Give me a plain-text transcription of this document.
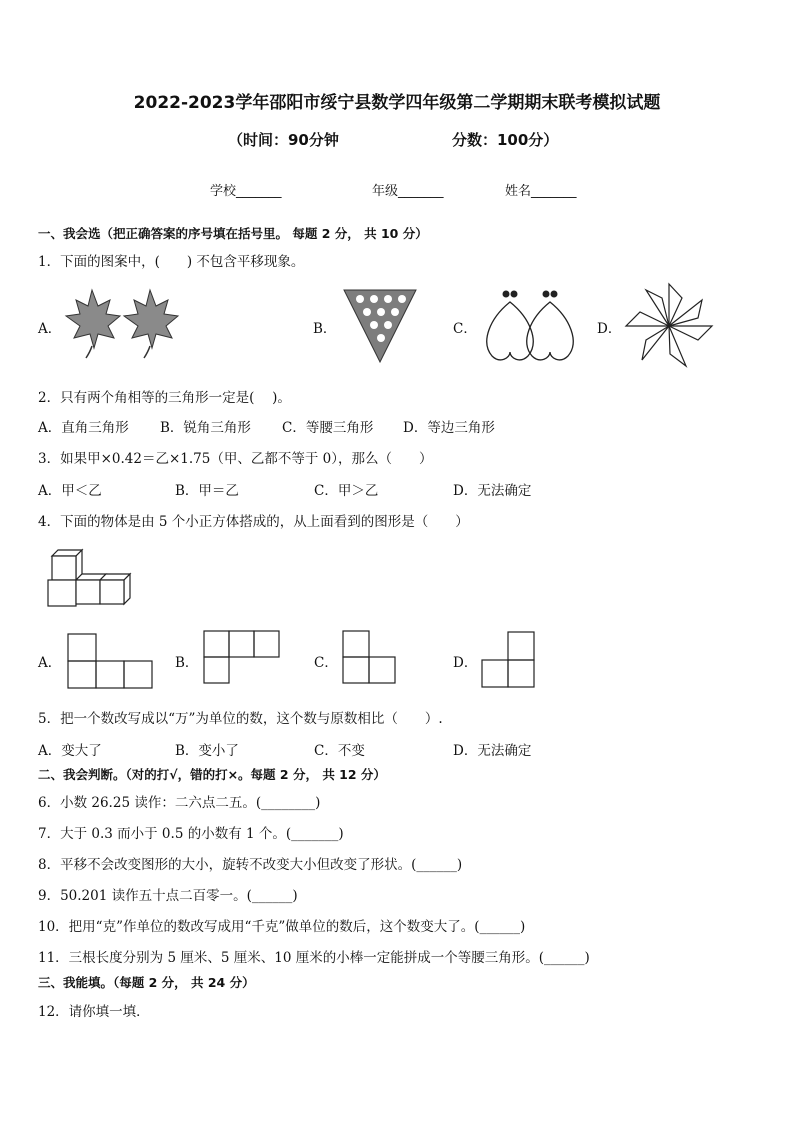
2022-2023学年邵阳市绥宁县数学四年级第二学期期末联考模拟试题
（时间：90分钟	分数：100分）
学校_______	年级_______	姓名_______
一、我会选（把正确答案的序号填在括号里。 每题 2 分， 共 10 分）
1．下面的图案中，(　　) 不包含平移现象。
A．	B．	C．	D．
2．只有两个角相等的三角形一定是(　 )。
A．直角三角形 B．锐角三角形 C．等腰三角形 D．等边三角形
3．如果甲×0.42＝乙×1.75（甲、乙都不等于 0），那么（　　）
A．甲＜乙	B．甲＝乙	C．甲＞乙	D．无法确定
4．下面的物体是由 5 个小正方体搭成的，从上面看到的图形是（　　）
A．	B．	C．	D．
5．把一个数改写成以“万”为单位的数，这个数与原数相比（　　）.
A．变大了	B．变小了	C．不变	D．无法确定
二、我会判断。（对的打√，错的打×。每题 2 分， 共 12 分）
6．小数 26.25 读作：二六点二五。(________)
7．大于 0.3 而小于 0.5 的小数有 1 个。(_______)
8．平移不会改变图形的大小，旋转不改变大小但改变了形状。(______)
9．50.201 读作五十点二百零一。(______)
10．把用“克”作单位的数改写成用“千克”做单位的数后，这个数变大了。(______)
11．三根长度分别为 5 厘米、5 厘米、10 厘米的小棒一定能拼成一个等腰三角形。(______)
三、我能填。（每题 2 分， 共 24 分）
12．请你填一填．
